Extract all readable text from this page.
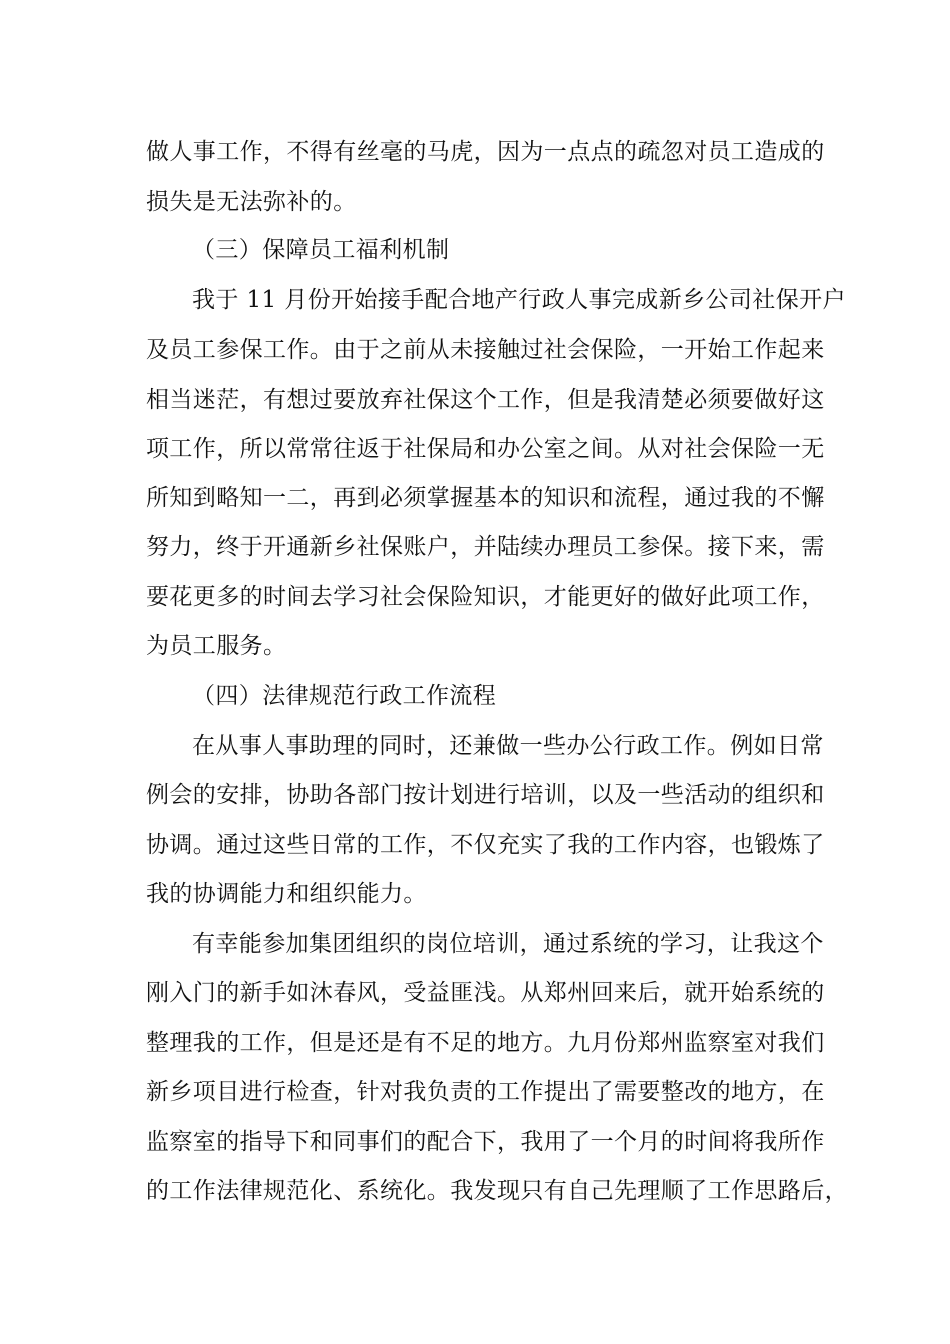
做人事工作，不得有丝毫的马虎，因为一点点的疏忽对员工造成的
损失是无法弥补的。
（三）保障员工福利机制
我于 11 月份开始接手配合地产行政人事完成新乡公司社保开户
及员工参保工作。由于之前从未接触过社会保险，一开始工作起来
相当迷茫，有想过要放弃社保这个工作，但是我清楚必须要做好这
项工作，所以常常往返于社保局和办公室之间。从对社会保险一无
所知到略知一二，再到必须掌握基本的知识和流程，通过我的不懈
努力，终于开通新乡社保账户，并陆续办理员工参保。接下来，需
要花更多的时间去学习社会保险知识，才能更好的做好此项工作，
为员工服务。
（四）法律规范行政工作流程
在从事人事助理的同时，还兼做一些办公行政工作。例如日常
例会的安排，协助各部门按计划进行培训，以及一些活动的组织和
协调。通过这些日常的工作，不仅充实了我的工作内容，也锻炼了
我的协调能力和组织能力。
有幸能参加集团组织的岗位培训，通过系统的学习，让我这个
刚入门的新手如沐春风，受益匪浅。从郑州回来后，就开始系统的
整理我的工作，但是还是有不足的地方。九月份郑州监察室对我们
新乡项目进行检查，针对我负责的工作提出了需要整改的地方，在
监察室的指导下和同事们的配合下，我用了一个月的时间将我所作
的工作法律规范化、系统化。我发现只有自己先理顺了工作思路后，
